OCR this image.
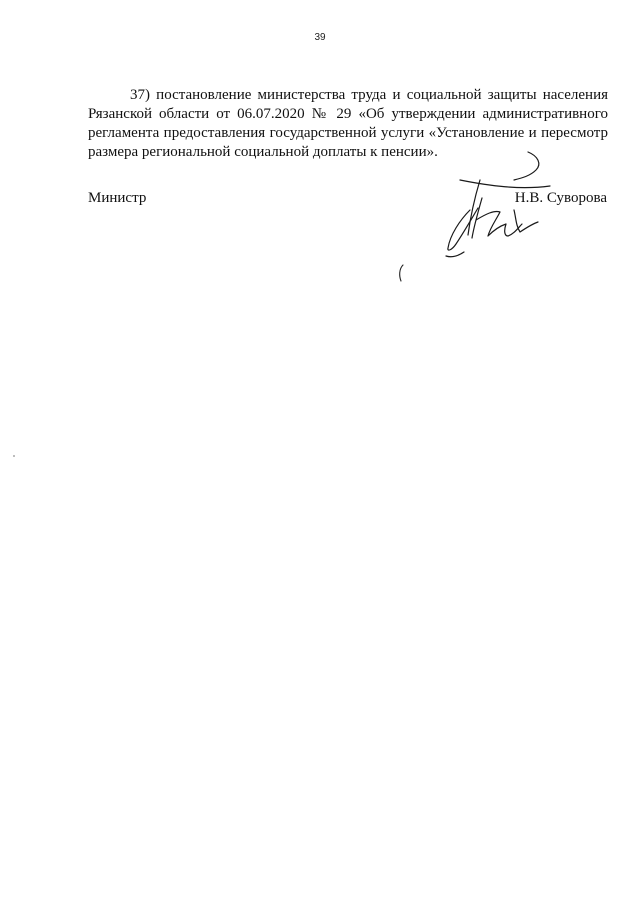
39

37) постановление министерства труда и социальной защиты населения Рязанской области от 06.07.2020 № 29 «Об утверждении административного регламента предоставления государственной услуги «Установление и пересмотр размера региональной социальной доплаты к пенсии».

Министр	Н.В. Суворова
